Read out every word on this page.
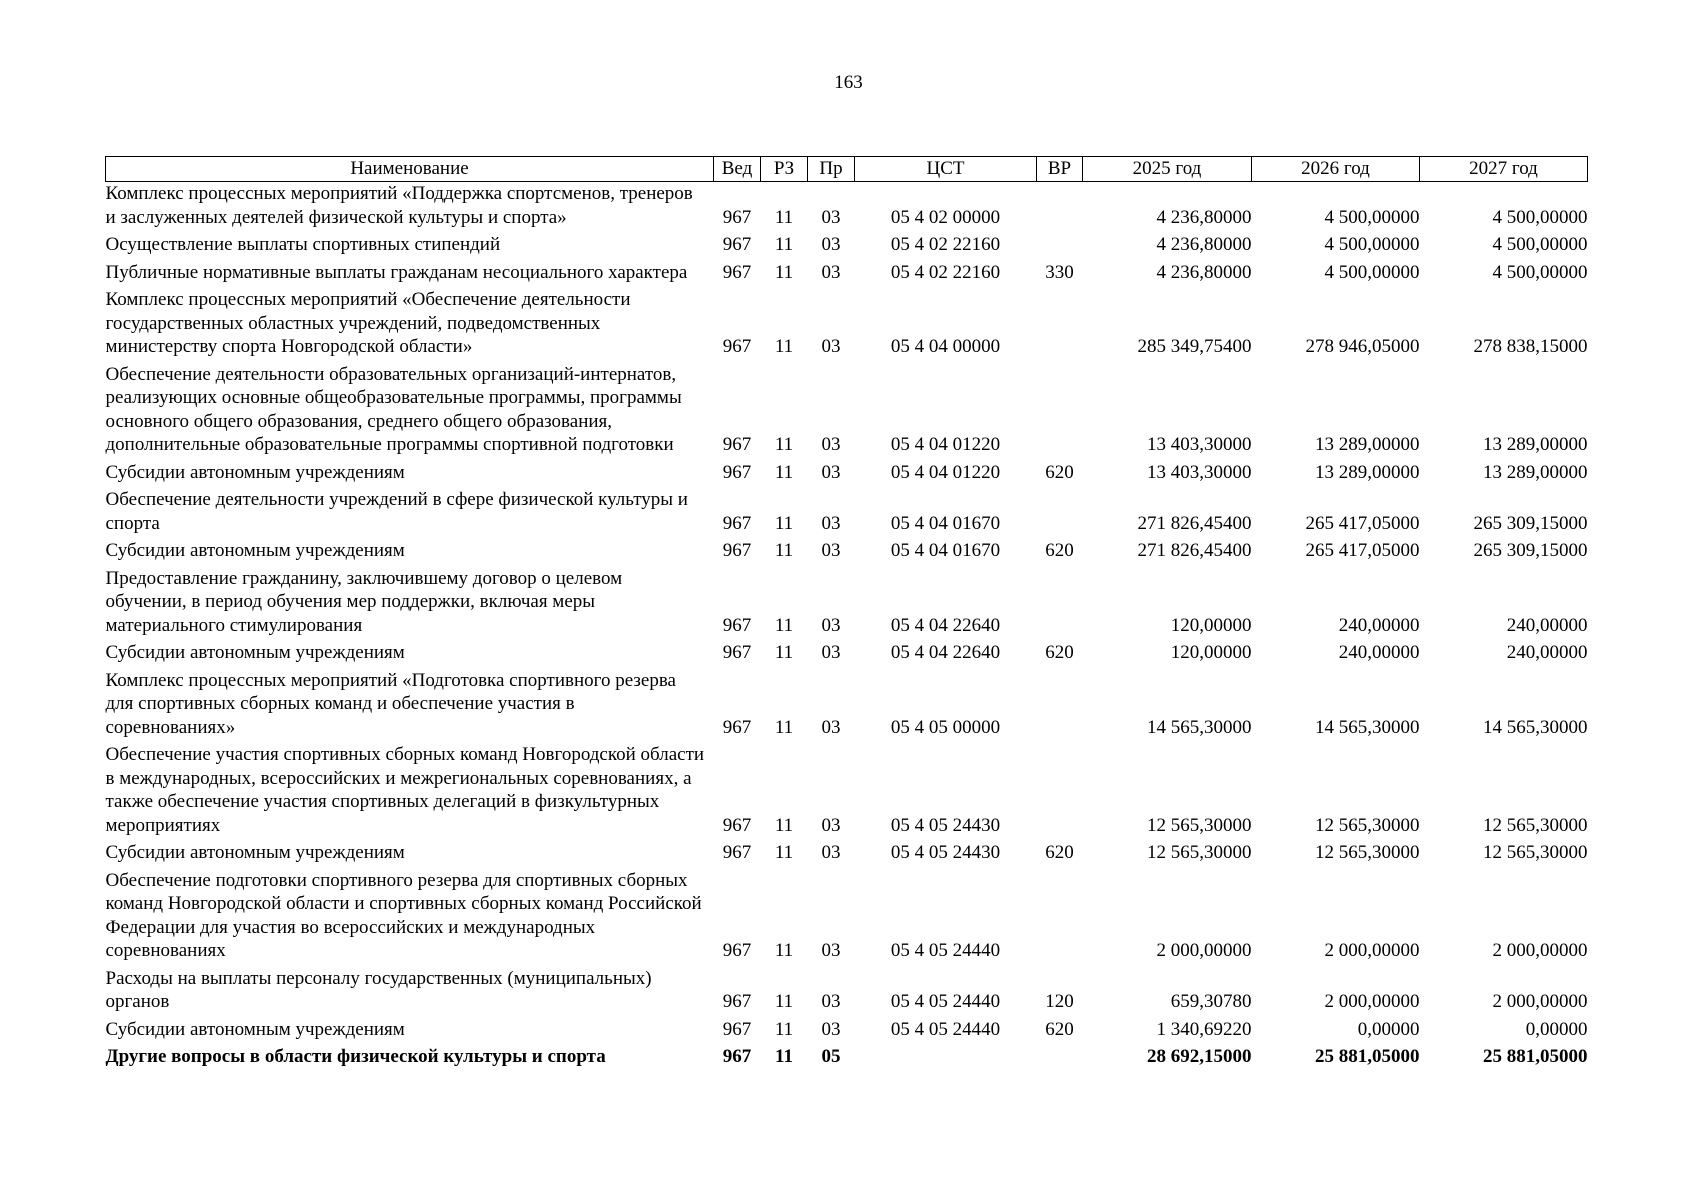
163
Наименование	Вед	РЗ	Пр	ЦСТ	ВР	2025 год	2026 год	2027 год
Комплекс процессных мероприятий «Поддержка спортсменов, тренеров и заслуженных деятелей физической культуры и спорта»	967	11	03	05 4 02 00000		4 236,80000	4 500,00000	4 500,00000
Осуществление выплаты спортивных стипендий	967	11	03	05 4 02 22160		4 236,80000	4 500,00000	4 500,00000
Публичные нормативные выплаты гражданам несоциального характера	967	11	03	05 4 02 22160	330	4 236,80000	4 500,00000	4 500,00000
Комплекс процессных мероприятий «Обеспечение деятельности государственных областных учреждений, подведомственных министерству спорта Новгородской области»	967	11	03	05 4 04 00000		285 349,75400	278 946,05000	278 838,15000
Обеспечение деятельности образовательных организаций-интернатов, реализующих основные общеобразовательные программы, программы основного общего образования, среднего общего образования, дополнительные образовательные программы спортивной подготовки	967	11	03	05 4 04 01220		13 403,30000	13 289,00000	13 289,00000
Субсидии автономным учреждениям	967	11	03	05 4 04 01220	620	13 403,30000	13 289,00000	13 289,00000
Обеспечение деятельности учреждений в сфере физической культуры и спорта	967	11	03	05 4 04 01670		271 826,45400	265 417,05000	265 309,15000
Субсидии автономным учреждениям	967	11	03	05 4 04 01670	620	271 826,45400	265 417,05000	265 309,15000
Предоставление гражданину, заключившему договор о целевом обучении, в период обучения мер поддержки, включая меры материального стимулирования	967	11	03	05 4 04 22640		120,00000	240,00000	240,00000
Субсидии автономным учреждениям	967	11	03	05 4 04 22640	620	120,00000	240,00000	240,00000
Комплекс процессных мероприятий «Подготовка спортивного резерва для спортивных сборных команд и обеспечение участия в соревнованиях»	967	11	03	05 4 05 00000		14 565,30000	14 565,30000	14 565,30000
Обеспечение участия спортивных сборных команд Новгородской области в международных, всероссийских и межрегиональных соревнованиях, а также обеспечение участия спортивных делегаций в физкультурных мероприятиях	967	11	03	05 4 05 24430		12 565,30000	12 565,30000	12 565,30000
Субсидии автономным учреждениям	967	11	03	05 4 05 24430	620	12 565,30000	12 565,30000	12 565,30000
Обеспечение подготовки спортивного резерва для спортивных сборных команд Новгородской области и спортивных сборных команд Российской Федерации для участия во всероссийских и международных соревнованиях	967	11	03	05 4 05 24440		2 000,00000	2 000,00000	2 000,00000
Расходы на выплаты персоналу государственных (муниципальных) органов	967	11	03	05 4 05 24440	120	659,30780	2 000,00000	2 000,00000
Субсидии автономным учреждениям	967	11	03	05 4 05 24440	620	1 340,69220	0,00000	0,00000
Другие вопросы в области физической культуры и спорта	967	11	05			28 692,15000	25 881,05000	25 881,05000
